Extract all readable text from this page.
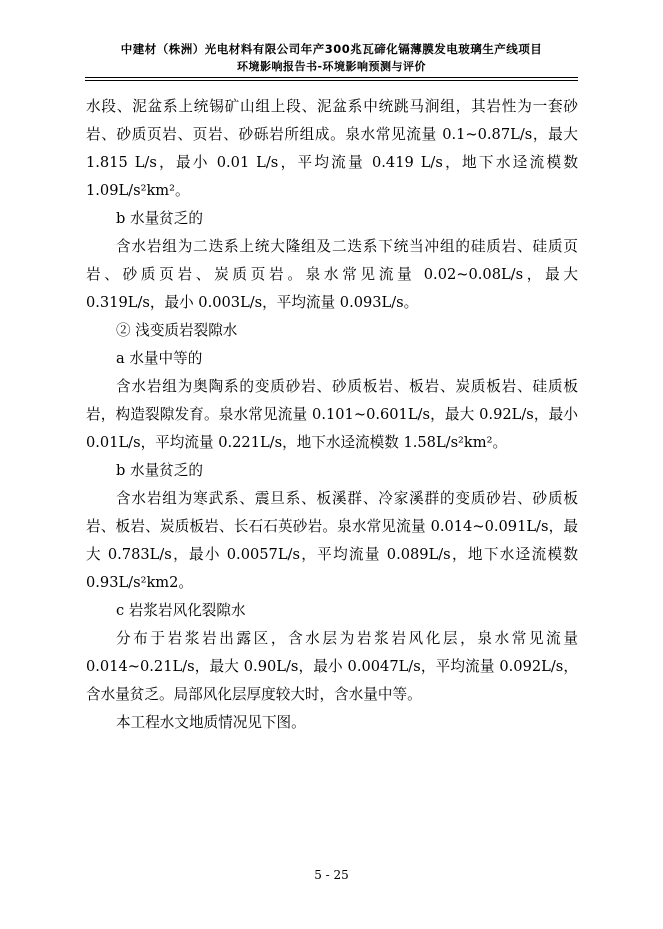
中建材（株洲）光电材料有限公司年产300兆瓦碲化镉薄膜发电玻璃生产线项目
环境影响报告书-环境影响预测与评价

水段、泥盆系上统锡矿山组上段、泥盆系中统跳马涧组，其岩性为一套砂岩、砂质页岩、页岩、砂砾岩所组成。泉水常见流量 0.1~0.87L/s，最大 1.815 L/s，最小 0.01 L/s，平均流量 0.419 L/s，地下水迳流模数 1.09L/s²km²。

b 水量贫乏的

含水岩组为二迭系上统大隆组及二迭系下统当冲组的硅质岩、硅质页岩、砂质页岩、炭质页岩。泉水常见流量 0.02~0.08L/s，最大 0.319L/s，最小 0.003L/s，平均流量 0.093L/s。

② 浅变质岩裂隙水

a 水量中等的

含水岩组为奥陶系的变质砂岩、砂质板岩、板岩、炭质板岩、硅质板岩，构造裂隙发育。泉水常见流量 0.101~0.601L/s，最大 0.92L/s，最小 0.01L/s，平均流量 0.221L/s，地下水迳流模数 1.58L/s²km²。

b 水量贫乏的

含水岩组为寒武系、震旦系、板溪群、冷家溪群的变质砂岩、砂质板岩、板岩、炭质板岩、长石石英砂岩。泉水常见流量 0.014~0.091L/s，最大 0.783L/s，最小 0.0057L/s，平均流量 0.089L/s，地下水迳流模数 0.93L/s²km2。

c 岩浆岩风化裂隙水

分布于岩浆岩出露区，含水层为岩浆岩风化层，泉水常见流量 0.014~0.21L/s，最大 0.90L/s，最小 0.0047L/s，平均流量 0.092L/s，含水量贫乏。局部风化层厚度较大时，含水量中等。

本工程水文地质情况见下图。

5 - 25
